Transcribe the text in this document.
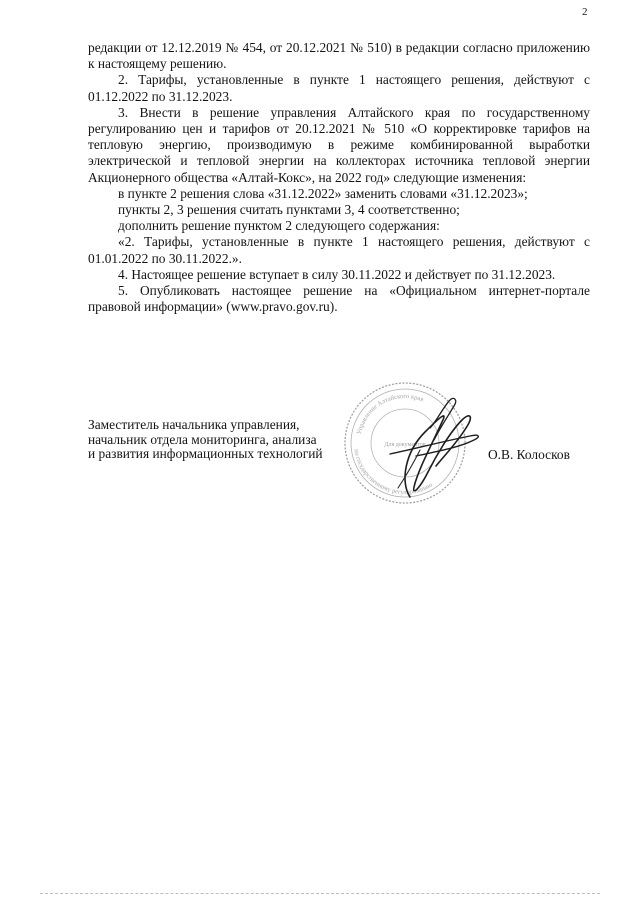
2

редакции от 12.12.2019 № 454, от 20.12.2021 № 510) в редакции согласно приложению к настоящему решению.

2. Тарифы, установленные в пункте 1 настоящего решения, действуют с 01.12.2022 по 31.12.2023.

3. Внести в решение управления Алтайского края по государственному регулированию цен и тарифов от 20.12.2021 № 510 «О корректировке тарифов на тепловую энергию, производимую в режиме комбинированной выработки электрической и тепловой энергии на коллекторах источника тепловой энергии Акционерного общества «Алтай-Кокс», на 2022 год» следующие изменения:

в пункте 2 решения слова «31.12.2022» заменить словами «31.12.2023»;

пункты 2, 3 решения считать пунктами 3, 4 соответственно;

дополнить решение пунктом 2 следующего содержания:

«2. Тарифы, установленные в пункте 1 настоящего решения, действуют с 01.01.2022 по 30.11.2022.».

4. Настоящее решение вступает в силу 30.11.2022 и действует по 31.12.2023.

5. Опубликовать настоящее решение на «Официальном интернет-портале правовой информации» (www.pravo.gov.ru).

Управление Алтайского края
по государственному регулированию
Для документов
Заместитель начальника управления,
начальник отдела мониторинга, анализа
и развития информационных технологий	О.В. Колосков
